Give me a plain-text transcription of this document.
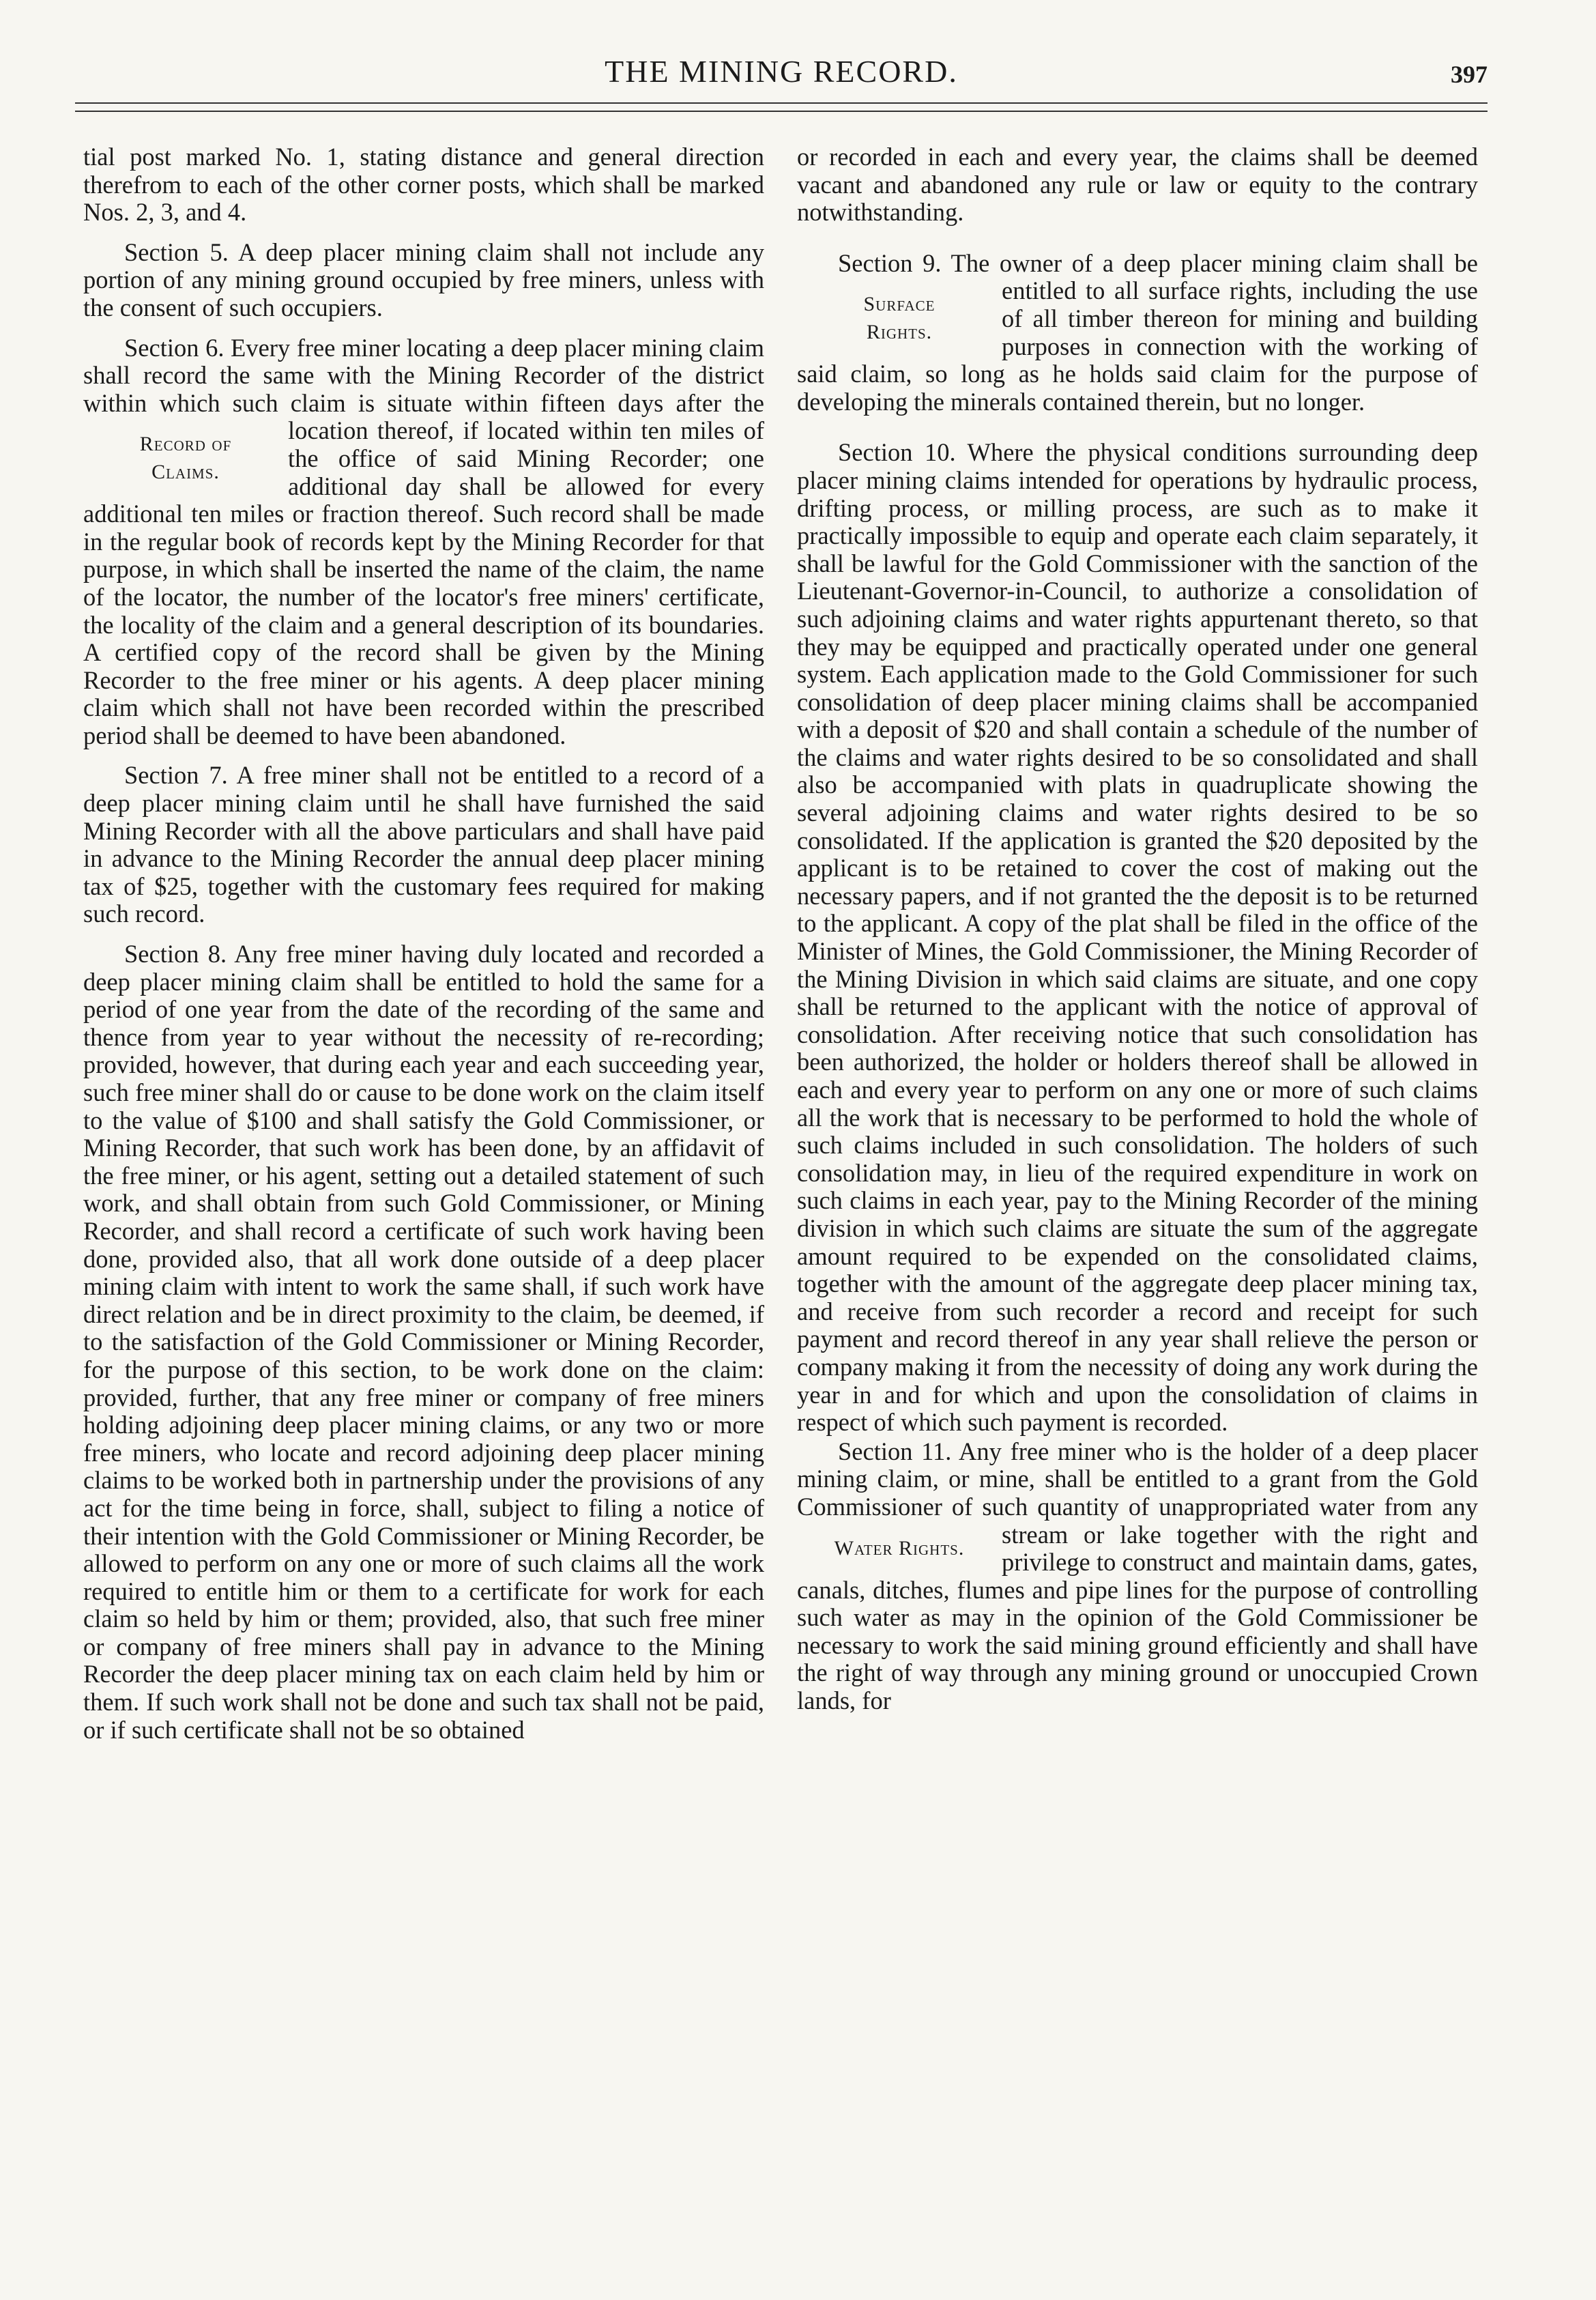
THE MINING RECORD.	397

tial post marked No. 1, stating distance and general direction therefrom to each of the other corner posts, which shall be marked Nos. 2, 3, and 4.

Section 5. A deep placer mining claim shall not include any portion of any mining ground occupied by free miners, unless with the consent of such occupiers.

Section 6. Every free miner locating a deep placer mining claim shall record the same with the Mining Recorder of the district within which such claim is situate within fifteen days after the location
Record of
Claims.
thereof, if located within ten miles of the office of said Mining Recorder; one additional day shall be allowed for every additional ten miles or fraction thereof. Such record shall be made in the regular book of records kept by the Mining Recorder for that purpose, in which shall be inserted the name of the claim, the name of the locator, the number of the locator's free miners' certificate, the locality of the claim and a general description of its boundaries. A certified copy of the record shall be given by the Mining Recorder to the free miner or his agents. A deep placer mining claim which shall not have been recorded within the prescribed period shall be deemed to have been abandoned.

Section 7. A free miner shall not be entitled to a record of a deep placer mining claim until he shall have furnished the said Mining Recorder with all the above particulars and shall have paid in advance to the Mining Recorder the annual deep placer mining tax of $25, together with the customary fees required for making such record.

Section 8. Any free miner having duly located and recorded a deep placer mining claim shall be entitled to hold the same for a period of one year from the date of the recording of the same and thence from year to year without the necessity of re-recording; provided, however, that during each year and each succeeding year, such free miner shall do or cause to be done work on the claim itself to the value of $100 and shall satisfy the Gold Commissioner, or Mining Recorder, that such work has been done, by an affidavit of the free miner, or his agent, setting out a detailed statement of such work, and shall obtain from such Gold Commissioner, or Mining Recorder, and shall record a certificate of such work having been done, provided also, that all work done outside of a deep placer mining claim with intent to work the same shall, if such work have direct relation and be in direct proximity to the claim, be deemed, if to the satisfaction of the Gold Commissioner or Mining Recorder, for the purpose of this section, to be work done on the claim: provided, further, that any free miner or company of free miners holding adjoining deep placer mining claims, or any two or more free miners, who locate and record adjoining deep placer mining claims to be worked both in partnership under the provisions of any act for the time being in force, shall, subject to filing a notice of their intention with the Gold Commissioner or Mining Recorder, be allowed to perform on any one or more of such claims all the work required to entitle him or them to a certificate for work for each claim so held by him or them; provided, also, that such free miner or company of free miners shall pay in advance to the Mining Recorder the deep placer mining tax on each claim held by him or them. If such work shall not be done and such tax shall not be paid, or if such certificate shall not be so obtained

or recorded in each and every year, the claims shall be deemed vacant and abandoned any rule or law or equity to the contrary notwithstanding.

Section 9. The owner of a deep placer mining claim shall be entitled to all surface rights, including the
Surface
Rights.
use of all timber thereon for mining and building purposes in connection with the working of said claim, so long as he holds said claim for the purpose of developing the minerals contained therein, but no longer.

Section 10. Where the physical conditions surrounding deep placer mining claims intended for operations by hydraulic process, drifting process, or milling process, are such as to make it practically impossible to equip and operate each claim separately, it shall be lawful for the Gold Commissioner with the sanction of the Lieutenant-Governor-in-Council, to authorize a consolidation of such adjoining claims and water rights appurtenant thereto, so that they may be equipped and practically operated under one general system. Each application made to the Gold Commissioner for such consolidation of deep placer mining claims shall be accompanied with a deposit of $20 and shall contain a schedule of the number of the claims and water rights desired to be so consolidated and shall also be accompanied with plats in quadruplicate showing the several adjoining claims and water rights desired to be so consolidated. If the application is granted the $20 deposited by the applicant is to be retained to cover the cost of making out the necessary papers, and if not granted the the deposit is to be returned to the applicant. A copy of the plat shall be filed in the office of the Minister of Mines, the Gold Commissioner, the Mining Recorder of the Mining Division in which said claims are situate, and one copy shall be returned to the applicant with the notice of approval of consolidation. After receiving notice that such consolidation has been authorized, the holder or holders thereof shall be allowed in each and every year to perform on any one or more of such claims all the work that is necessary to be performed to hold the whole of such claims included in such consolidation. The holders of such consolidation may, in lieu of the required expenditure in work on such claims in each year, pay to the Mining Recorder of the mining division in which such claims are situate the sum of the aggregate amount required to be expended on the consolidated claims, together with the amount of the aggregate deep placer mining tax, and receive from such recorder a record and receipt for such payment and record thereof in any year shall relieve the person or company making it from the necessity of doing any work during the year in and for which and upon the consolidation of claims in respect of which such payment is recorded.

Section 11. Any free miner who is the holder of a deep placer mining claim, or mine, shall be entitled to a grant from the Gold Commissioner of such quantity of unappropriated water from any stream or lake
Water Rights.	together with the right and privilege to construct and maintain dams, gates, canals, ditches, flumes and pipe lines for the purpose of controlling such water as may in the opinion of the Gold Commissioner be necessary to work the said mining ground efficiently and shall have the right of way through any mining ground or unoccupied Crown lands, for
